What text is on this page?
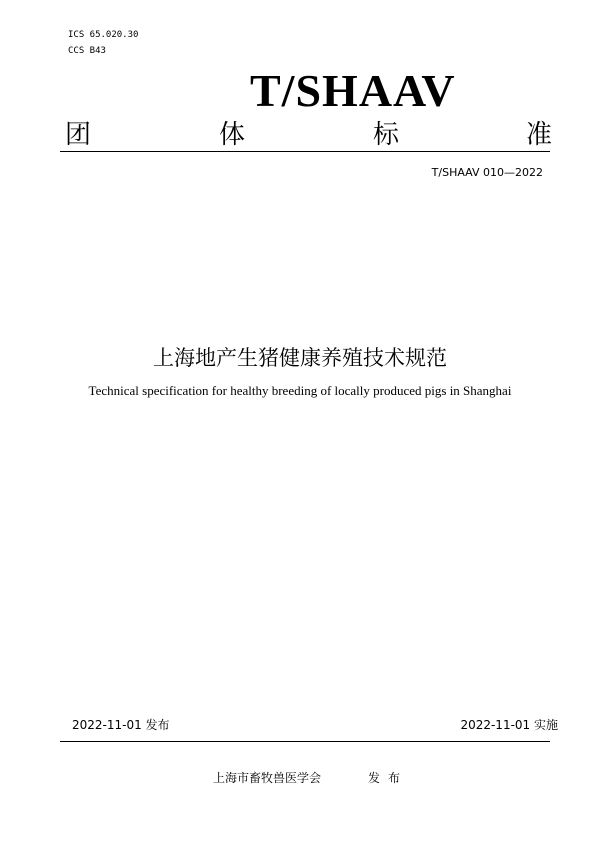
ICS 65.020.30
CCS B43
T/SHAAV
团	体	标	准
T/SHAAV 010—2022
上海地产生猪健康养殖技术规范
Technical specification for healthy breeding of locally produced pigs in Shanghai
2022-11-01 发布	2022-11-01 实施
上海市畜牧兽医学会	发布
